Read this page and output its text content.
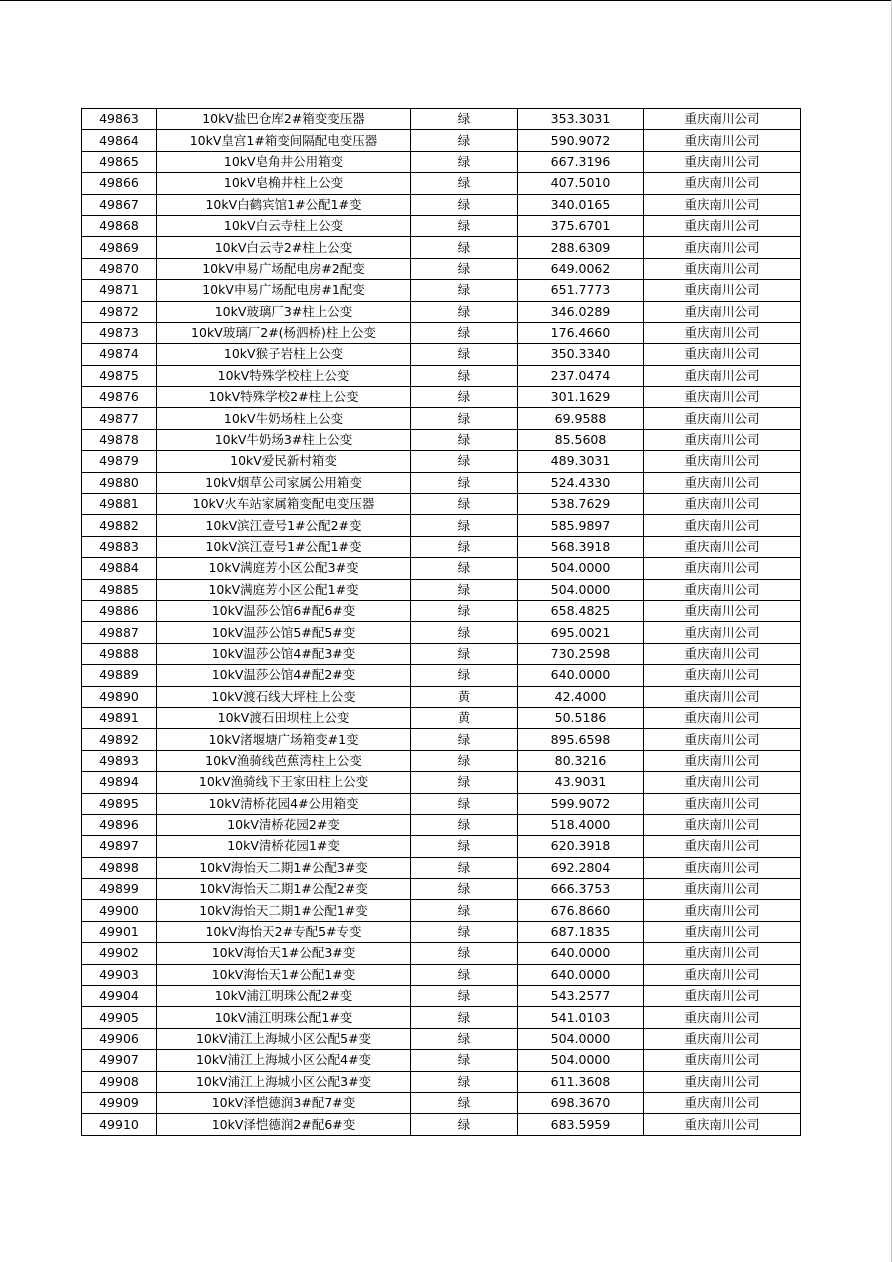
49863	10kV盐巴仓库2#箱变变压器	绿	353.3031	重庆南川公司
49864	10kV皇宫1#箱变间隔配电变压器	绿	590.9072	重庆南川公司
49865	10kV皂角井公用箱变	绿	667.3196	重庆南川公司
49866	10kV皂桷井柱上公变	绿	407.5010	重庆南川公司
49867	10kV白鹤宾馆1#公配1#变	绿	340.0165	重庆南川公司
49868	10kV白云寺柱上公变	绿	375.6701	重庆南川公司
49869	10kV白云寺2#柱上公变	绿	288.6309	重庆南川公司
49870	10kV申易广场配电房#2配变	绿	649.0062	重庆南川公司
49871	10kV申易广场配电房#1配变	绿	651.7773	重庆南川公司
49872	10kV玻璃厂3#柱上公变	绿	346.0289	重庆南川公司
49873	10kV玻璃厂2#(杨泗桥)柱上公变	绿	176.4660	重庆南川公司
49874	10kV猴子岩柱上公变	绿	350.3340	重庆南川公司
49875	10kV特殊学校柱上公变	绿	237.0474	重庆南川公司
49876	10kV特殊学校2#柱上公变	绿	301.1629	重庆南川公司
49877	10kV牛奶场柱上公变	绿	69.9588	重庆南川公司
49878	10kV牛奶场3#柱上公变	绿	85.5608	重庆南川公司
49879	10kV爱民新村箱变	绿	489.3031	重庆南川公司
49880	10kV烟草公司家属公用箱变	绿	524.4330	重庆南川公司
49881	10kV火车站家属箱变配电变压器	绿	538.7629	重庆南川公司
49882	10kV滨江壹号1#公配2#变	绿	585.9897	重庆南川公司
49883	10kV滨江壹号1#公配1#变	绿	568.3918	重庆南川公司
49884	10kV满庭芳小区公配3#变	绿	504.0000	重庆南川公司
49885	10kV满庭芳小区公配1#变	绿	504.0000	重庆南川公司
49886	10kV温莎公馆6#配6#变	绿	658.4825	重庆南川公司
49887	10kV温莎公馆5#配5#变	绿	695.0021	重庆南川公司
49888	10kV温莎公馆4#配3#变	绿	730.2598	重庆南川公司
49889	10kV温莎公馆4#配2#变	绿	640.0000	重庆南川公司
49890	10kV渡石线大坪柱上公变	黄	42.4000	重庆南川公司
49891	10kV渡石田坝柱上公变	黄	50.5186	重庆南川公司
49892	10kV渚堰塘广场箱变#1变	绿	895.6598	重庆南川公司
49893	10kV渔骑线芭蕉湾柱上公变	绿	80.3216	重庆南川公司
49894	10kV渔骑线下王家田柱上公变	绿	43.9031	重庆南川公司
49895	10kV清桥花园4#公用箱变	绿	599.9072	重庆南川公司
49896	10kV清桥花园2#变	绿	518.4000	重庆南川公司
49897	10kV清桥花园1#变	绿	620.3918	重庆南川公司
49898	10kV海怡天二期1#公配3#变	绿	692.2804	重庆南川公司
49899	10kV海怡天二期1#公配2#变	绿	666.3753	重庆南川公司
49900	10kV海怡天二期1#公配1#变	绿	676.8660	重庆南川公司
49901	10kV海怡天2#专配5#专变	绿	687.1835	重庆南川公司
49902	10kV海怡天1#公配3#变	绿	640.0000	重庆南川公司
49903	10kV海怡天1#公配1#变	绿	640.0000	重庆南川公司
49904	10kV浦江明珠公配2#变	绿	543.2577	重庆南川公司
49905	10kV浦江明珠公配1#变	绿	541.0103	重庆南川公司
49906	10kV浦江上海城小区公配5#变	绿	504.0000	重庆南川公司
49907	10kV浦江上海城小区公配4#变	绿	504.0000	重庆南川公司
49908	10kV浦江上海城小区公配3#变	绿	611.3608	重庆南川公司
49909	10kV泽恺德润3#配7#变	绿	698.3670	重庆南川公司
49910	10kV泽恺德润2#配6#变	绿	683.5959	重庆南川公司
